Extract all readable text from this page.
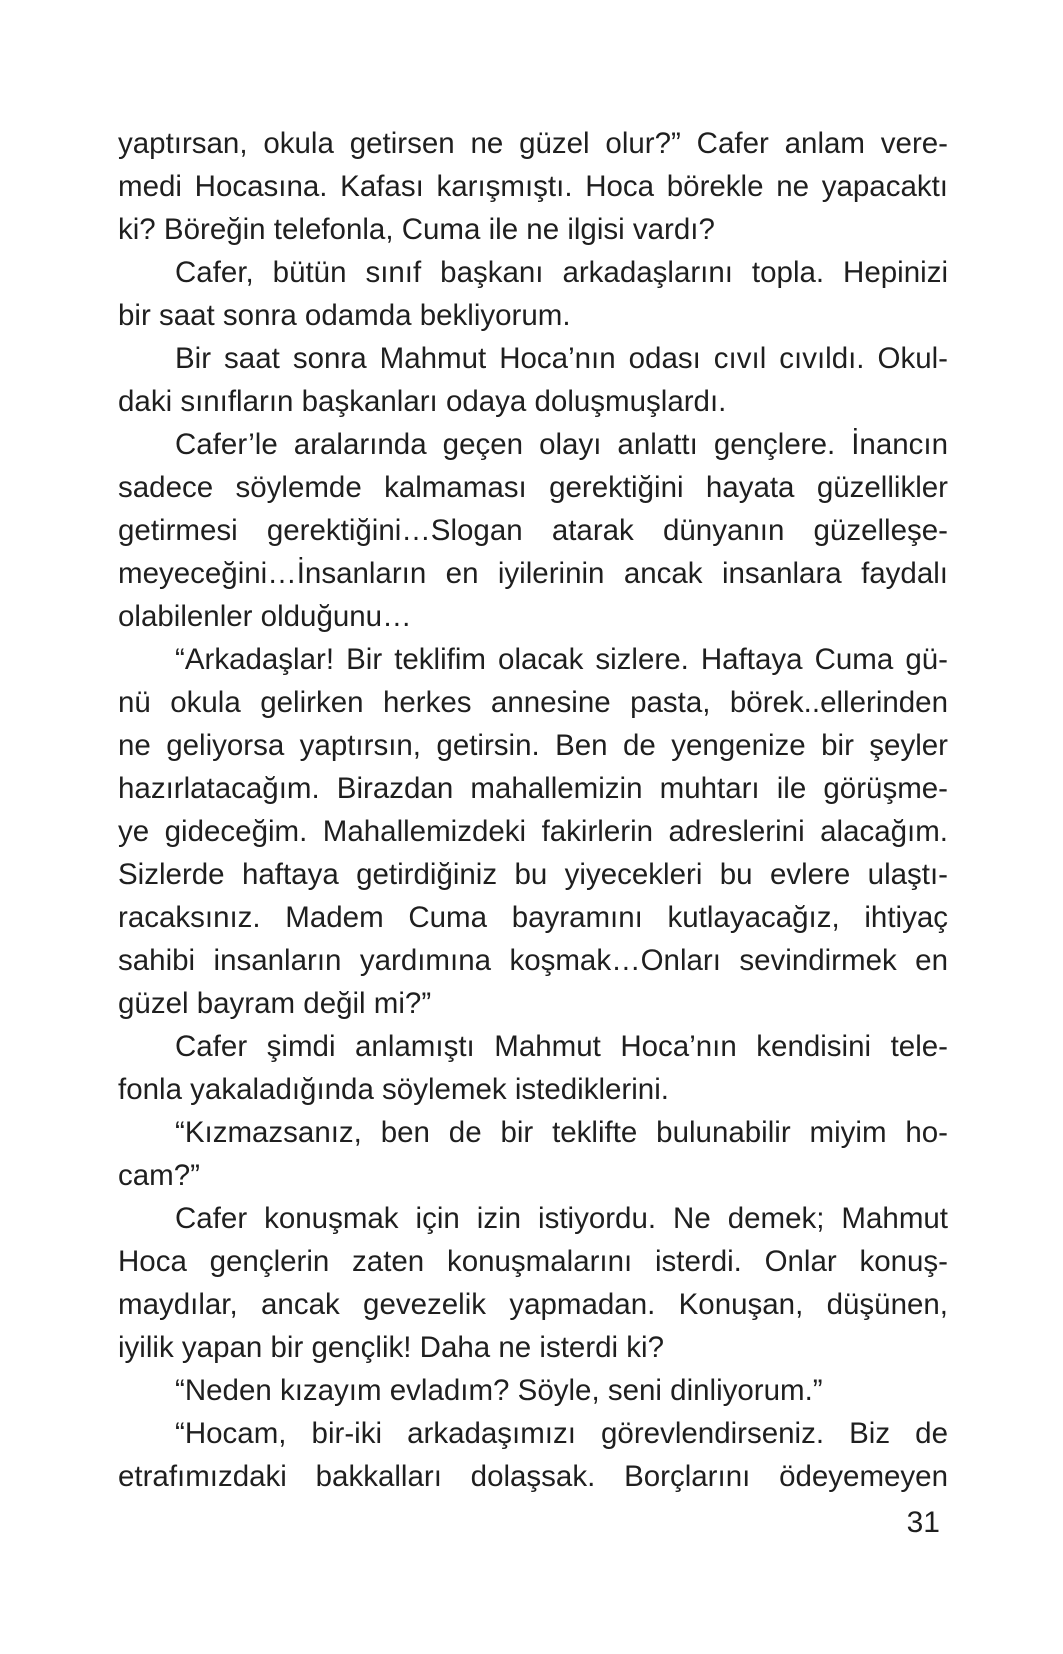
yaptırsan, okula getirsen ne güzel olur?” Cafer anlam vere-
medi Hocasına. Kafası karışmıştı. Hoca börekle ne yapacaktı
ki? Böreğin telefonla, Cuma ile ne ilgisi vardı?
Cafer, bütün sınıf başkanı arkadaşlarını topla. Hepinizi
bir saat sonra odamda bekliyorum.
Bir saat sonra Mahmut Hoca’nın odası cıvıl cıvıldı. Okul-
daki sınıfların başkanları odaya doluşmuşlardı.
Cafer’le aralarında geçen olayı anlattı gençlere. İnancın
sadece söylemde kalmaması gerektiğini hayata güzellikler
getirmesi gerektiğini…Slogan atarak dünyanın güzelleşe-
meyeceğini…İnsanların en iyilerinin ancak insanlara faydalı
olabilenler olduğunu…
“Arkadaşlar! Bir teklifim olacak sizlere. Haftaya Cuma gü-
nü okula gelirken herkes annesine pasta, börek..ellerinden
ne geliyorsa yaptırsın, getirsin. Ben de yengenize bir şeyler
hazırlatacağım. Birazdan mahallemizin muhtarı ile görüşme-
ye gideceğim. Mahallemizdeki fakirlerin adreslerini alacağım.
Sizlerde haftaya getirdiğiniz bu yiyecekleri bu evlere ulaştı-
racaksınız. Madem Cuma bayramını kutlayacağız, ihtiyaç
sahibi insanların yardımına koşmak…Onları sevindirmek en
güzel bayram değil mi?”
Cafer şimdi anlamıştı Mahmut Hoca’nın kendisini tele-
fonla yakaladığında söylemek istediklerini.
“Kızmazsanız, ben de bir teklifte bulunabilir miyim ho-
cam?”
Cafer konuşmak için izin istiyordu. Ne demek; Mahmut
Hoca gençlerin zaten konuşmalarını isterdi. Onlar konuş-
maydılar, ancak gevezelik yapmadan. Konuşan, düşünen,
iyilik yapan bir gençlik! Daha ne isterdi ki?
“Neden kızayım evladım? Söyle, seni dinliyorum.”
“Hocam, bir-iki arkadaşımızı görevlendirseniz. Biz de
etrafımızdaki bakkalları dolaşsak. Borçlarını ödeyemeyen
31
